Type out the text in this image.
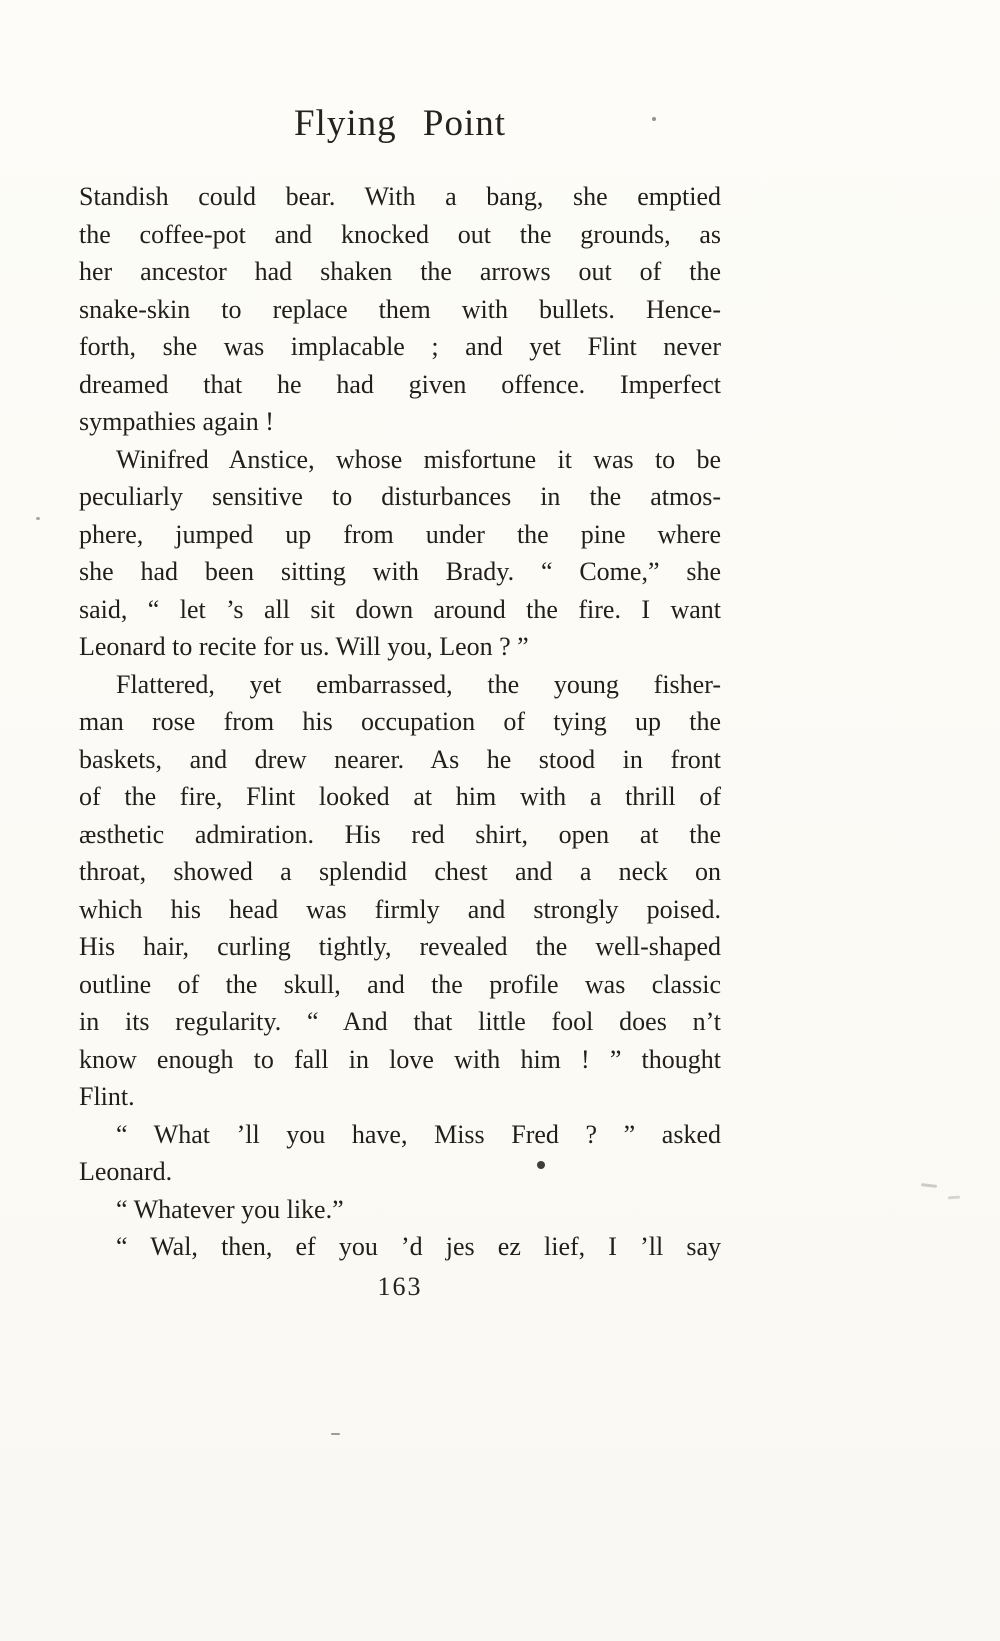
Flying Point
Standish could bear. With a bang, she emptied
the coffee-pot and knocked out the grounds, as
her ancestor had shaken the arrows out of the
snake-skin to replace them with bullets. Hence-
forth, she was implacable ; and yet Flint never
dreamed that he had given offence. Imperfect
sympathies again !
Winifred Anstice, whose misfortune it was to be
peculiarly sensitive to disturbances in the atmos-
phere, jumped up from under the pine where
she had been sitting with Brady. “ Come,” she
said, “ let ’s all sit down around the fire. I want
Leonard to recite for us. Will you, Leon ? ”
Flattered, yet embarrassed, the young fisher-
man rose from his occupation of tying up the
baskets, and drew nearer. As he stood in front
of the fire, Flint looked at him with a thrill of
æsthetic admiration. His red shirt, open at the
throat, showed a splendid chest and a neck on
which his head was firmly and strongly poised.
His hair, curling tightly, revealed the well-shaped
outline of the skull, and the profile was classic
in its regularity. “ And that little fool does n’t
know enough to fall in love with him ! ” thought
Flint.
“ What ’ll you have, Miss Fred ? ” asked
Leonard.
“ Whatever you like.”
“ Wal, then, ef you ’d jes ez lief, I ’ll say
163
